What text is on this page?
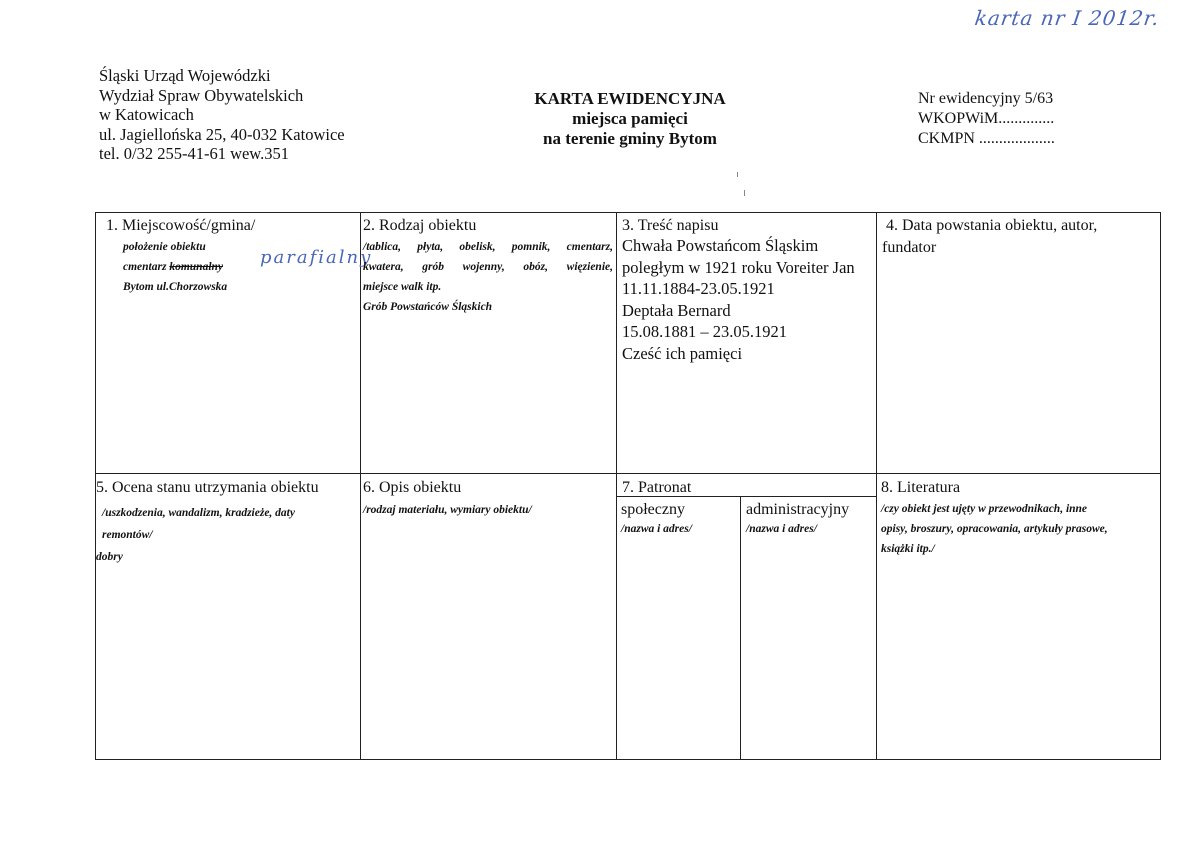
karta nr I 2012r.
Śląski Urząd Wojewódzki
Wydział Spraw Obywatelskich
w Katowicach
ul. Jagiellońska 25, 40-032 Katowice
tel. 0/32 255-41-61 wew.351
KARTA EWIDENCYJNA
miejsca pamięci
na terenie gminy Bytom
Nr ewidencyjny 5/63
WKOPWiM..............
CKMPN ...................
1. Miejscowość/gmina/
położenie obiektu
cmentarz komunalny parafialny
Bytom ul.Chorzowska
2. Rodzaj obiektu
/tablica, płyta, obelisk, pomnik, cmentarz,
kwatera, grób wojenny, obóz, więzienie,
miejsce walk itp.
Grób Powstańców Śląskich
3. Treść napisu
Chwała Powstańcom Śląskim
poległym w 1921 roku Voreiter Jan
11.11.1884-23.05.1921
Deptała Bernard
15.08.1881 – 23.05.1921
Cześć ich pamięci
4. Data powstania obiektu, autor,
fundator
5. Ocena stanu utrzymania obiektu
/uszkodzenia, wandalizm, kradzieże, daty
remontów/
dobry
6. Opis obiektu
/rodzaj materiału, wymiary obiektu/
7. Patronat
społeczny
/nazwa i adres/
administracyjny
/nazwa i adres/
8. Literatura
/czy obiekt jest ujęty w przewodnikach, inne
opisy, broszury, opracowania, artykuły prasowe,
książki itp./
